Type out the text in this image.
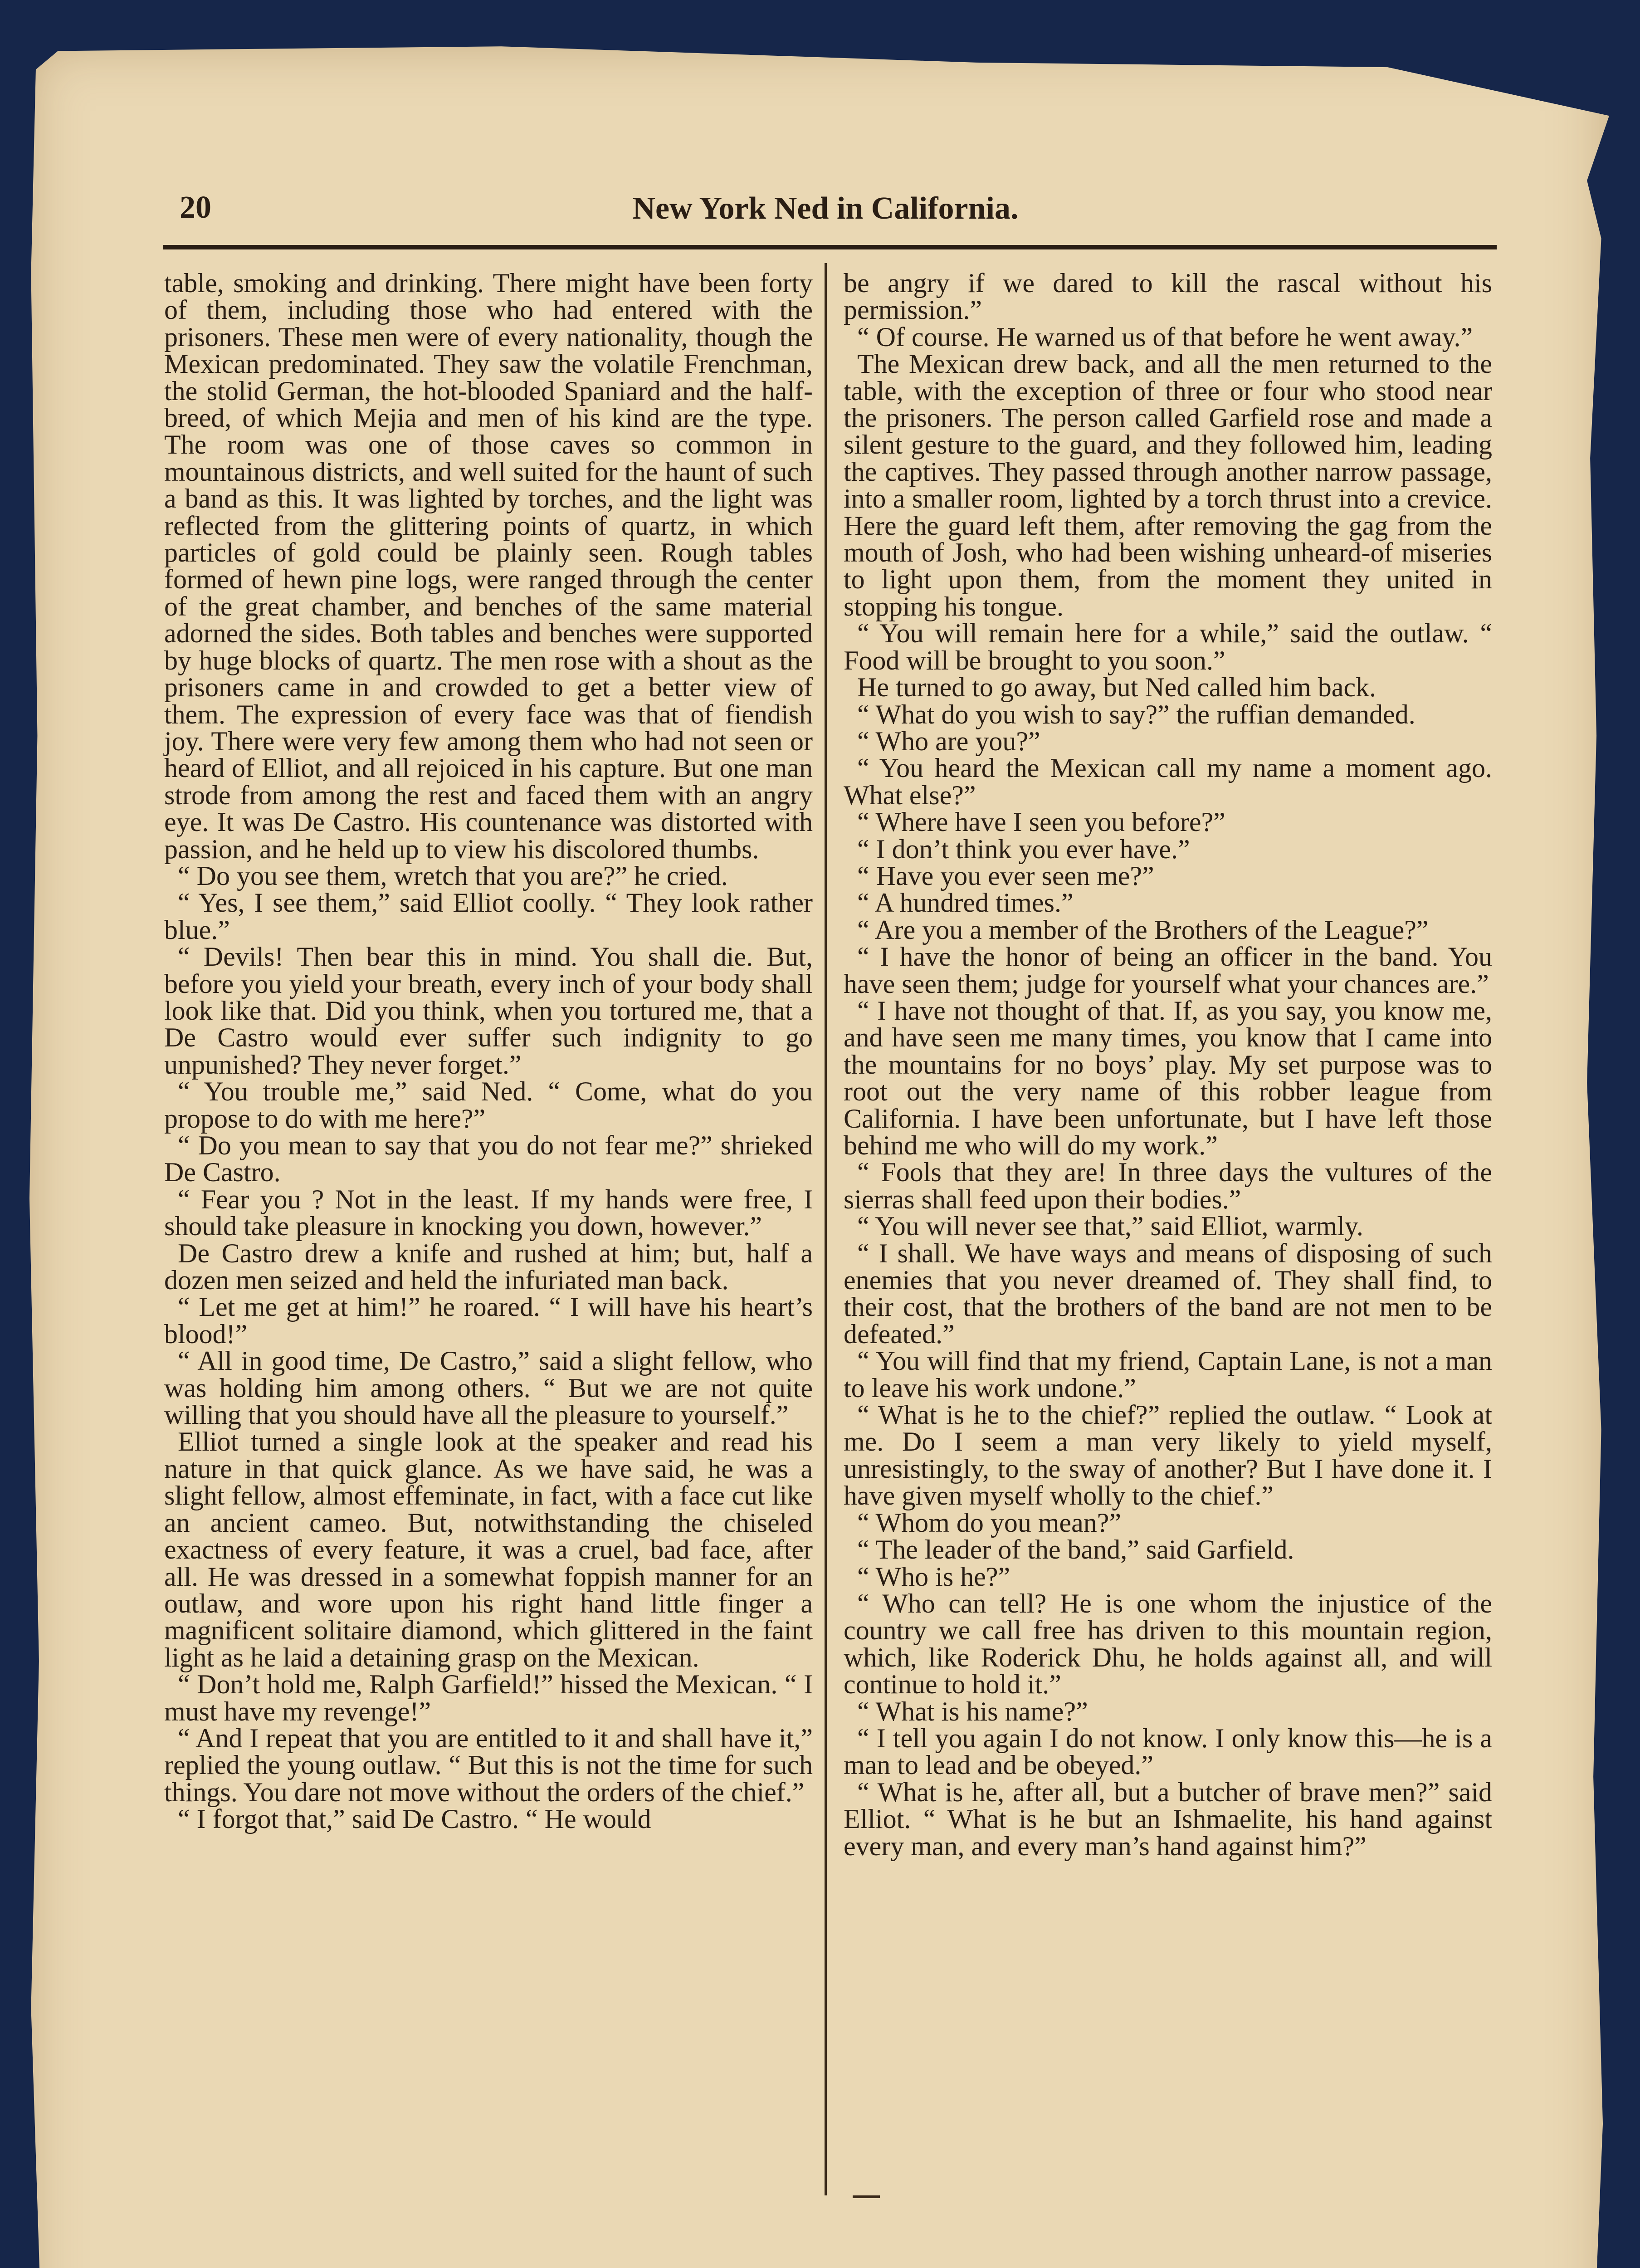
20	New York Ned in California.

table, smoking and drinking. There might have been forty of them, including those who had entered with the prisoners. These men were of every nationality, though the Mexican predominated. They saw the volatile Frenchman, the stolid German, the hot-blooded Spaniard and the half-breed, of which Mejia and men of his kind are the type. The room was one of those caves so common in mountainous districts, and well suited for the haunt of such a band as this. It was lighted by torches, and the light was reflected from the glittering points of quartz, in which particles of gold could be plainly seen. Rough tables formed of hewn pine logs, were ranged through the center of the great chamber, and benches of the same material adorned the sides. Both tables and benches were supported by huge blocks of quartz. The men rose with a shout as the prisoners came in and crowded to get a better view of them. The expression of every face was that of fiendish joy. There were very few among them who had not seen or heard of Elliot, and all rejoiced in his capture. But one man strode from among the rest and faced them with an angry eye. It was De Castro. His countenance was distorted with passion, and he held up to view his discolored thumbs.

“ Do you see them, wretch that you are?” he cried.

“ Yes, I see them,” said Elliot coolly. “ They look rather blue.”

“ Devils! Then bear this in mind. You shall die. But, before you yield your breath, every inch of your body shall look like that. Did you think, when you tortured me, that a De Castro would ever suffer such indignity to go unpunished? They never forget.”

“ You trouble me,” said Ned. “ Come, what do you propose to do with me here?”

“ Do you mean to say that you do not fear me?” shrieked De Castro.

“ Fear you ? Not in the least. If my hands were free, I should take pleasure in knocking you down, however.”

De Castro drew a knife and rushed at him; but, half a dozen men seized and held the infuriated man back.

“ Let me get at him!” he roared. “ I will have his heart’s blood!”

“ All in good time, De Castro,” said a slight fellow, who was holding him among others. “ But we are not quite willing that you should have all the pleasure to yourself.”

Elliot turned a single look at the speaker and read his nature in that quick glance. As we have said, he was a slight fellow, almost effeminate, in fact, with a face cut like an ancient cameo. But, notwithstanding the chiseled exactness of every feature, it was a cruel, bad face, after all. He was dressed in a somewhat foppish manner for an outlaw, and wore upon his right hand little finger a magnificent solitaire diamond, which glittered in the faint light as he laid a detaining grasp on the Mexican.

“ Don’t hold me, Ralph Garfield!” hissed the Mexican. “ I must have my revenge!”

“ And I repeat that you are entitled to it and shall have it,” replied the young outlaw. “ But this is not the time for such things. You dare not move without the orders of the chief.”

“ I forgot that,” said De Castro. “ He would

be angry if we dared to kill the rascal without his permission.”

“ Of course. He warned us of that before he went away.”

The Mexican drew back, and all the men returned to the table, with the exception of three or four who stood near the prisoners. The person called Garfield rose and made a silent gesture to the guard, and they followed him, leading the captives. They passed through another narrow passage, into a smaller room, lighted by a torch thrust into a crevice. Here the guard left them, after removing the gag from the mouth of Josh, who had been wishing unheard-of miseries to light upon them, from the moment they united in stopping his tongue.

“ You will remain here for a while,” said the outlaw. “ Food will be brought to you soon.”

He turned to go away, but Ned called him back.

“ What do you wish to say?” the ruffian demanded.

“ Who are you?”

“ You heard the Mexican call my name a moment ago. What else?”

“ Where have I seen you before?”

“ I don’t think you ever have.”

“ Have you ever seen me?”

“ A hundred times.”

“ Are you a member of the Brothers of the League?”

“ I have the honor of being an officer in the band. You have seen them; judge for yourself what your chances are.”

“ I have not thought of that. If, as you say, you know me, and have seen me many times, you know that I came into the mountains for no boys’ play. My set purpose was to root out the very name of this robber league from California. I have been unfortunate, but I have left those behind me who will do my work.”

“ Fools that they are! In three days the vultures of the sierras shall feed upon their bodies.”

“ You will never see that,” said Elliot, warmly.

“ I shall. We have ways and means of disposing of such enemies that you never dreamed of. They shall find, to their cost, that the brothers of the band are not men to be defeated.”

“ You will find that my friend, Captain Lane, is not a man to leave his work undone.”

“ What is he to the chief?” replied the outlaw. “ Look at me. Do I seem a man very likely to yield myself, unresistingly, to the sway of another? But I have done it. I have given myself wholly to the chief.”

“ Whom do you mean?”

“ The leader of the band,” said Garfield.

“ Who is he?”

“ Who can tell? He is one whom the injustice of the country we call free has driven to this mountain region, which, like Roderick Dhu, he holds against all, and will continue to hold it.”

“ What is his name?”

“ I tell you again I do not know. I only know this—he is a man to lead and be obeyed.”

“ What is he, after all, but a butcher of brave men?” said Elliot. “ What is he but an Ishmaelite, his hand against every man, and every man’s hand against him?”
